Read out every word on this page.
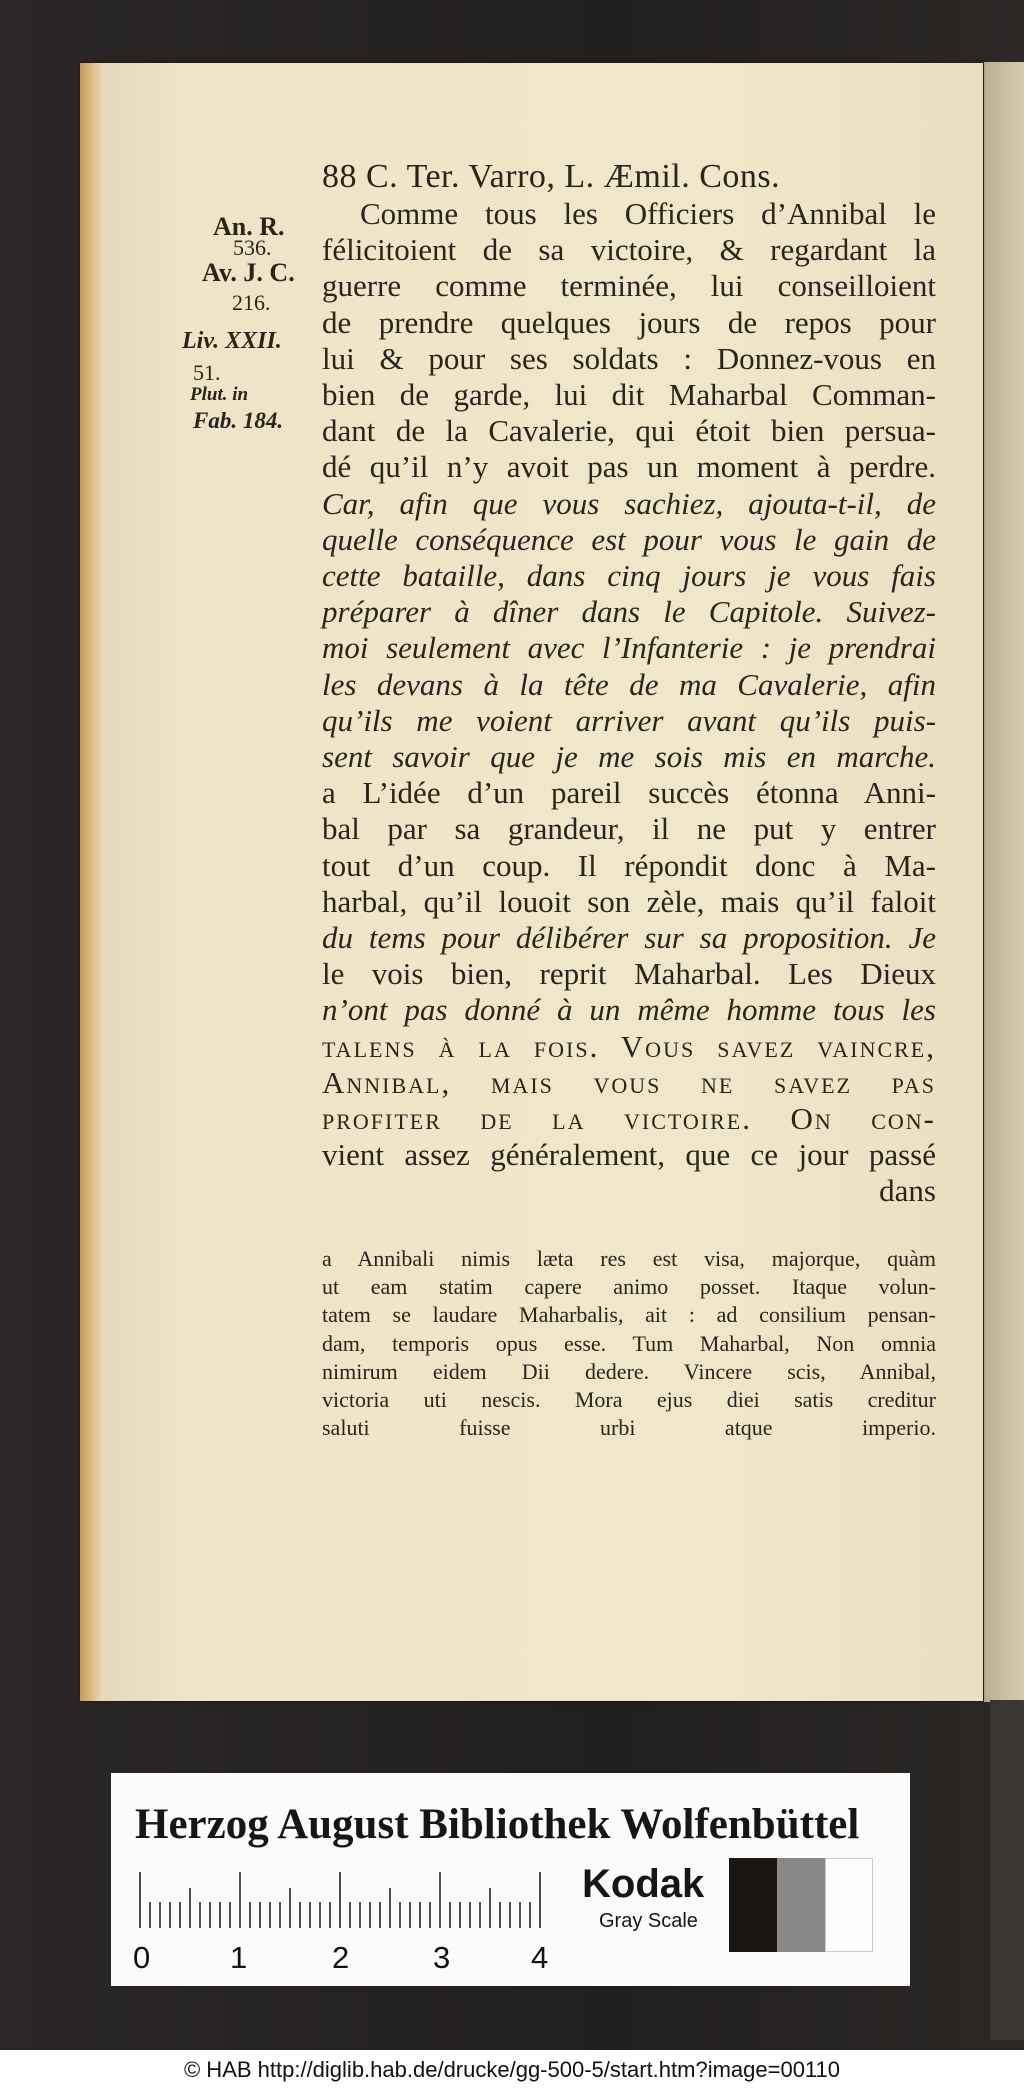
88 C. Ter. Varro, L. Æmil. Cons.
An. R.
536.
Av. J. C.
216.
Liv. XXII.
51.
Plut. in
Fab. 184.
Comme tous les Officiers d’Annibal le
félicitoient de sa victoire, & regardant la
guerre comme terminée, lui conseilloient
de prendre quelques jours de repos pour
lui & pour ses soldats : Donnez-vous en
bien de garde, lui dit Maharbal Comman-
dant de la Cavalerie, qui étoit bien persua-
dé qu’il n’y avoit pas un moment à perdre.
Car, afin que vous sachiez, ajouta-t-il, de
quelle conséquence est pour vous le gain de
cette bataille, dans cinq jours je vous fais
préparer à dîner dans le Capitole. Suivez-
moi seulement avec l’Infanterie : je prendrai
les devans à la tête de ma Cavalerie, afin
qu’ils me voient arriver avant qu’ils puis-
sent savoir que je me sois mis en marche.
a L’idée d’un pareil succès étonna Anni-
bal par sa grandeur, il ne put y entrer
tout d’un coup. Il répondit donc à Ma-
harbal, qu’il louoit son zèle, mais qu’il faloit
du tems pour délibérer sur sa proposition. Je
le vois bien, reprit Maharbal. Les Dieux
n’ont pas donné à un même homme tous les
talens à la fois. Vous savez vaincre,
Annibal, mais vous ne savez pas
profiter de la victoire. On con-
vient assez généralement, que ce jour passé
dans
a Annibali nimis læta res est visa, majorque, quàm
ut eam statim capere animo posset. Itaque volun-
tatem se laudare Maharbalis, ait : ad consilium pensan-
dam, temporis opus esse. Tum Maharbal, Non omnia
nimirum eidem Dii dedere. Vincere scis, Annibal,
victoria uti nescis. Mora ejus diei satis creditur
saluti fuisse urbi atque imperio.
Herzog August Bibliothek Wolfenbüttel
0	1	2	3	4
Kodak
Gray Scale
© HAB http://diglib.hab.de/drucke/gg-500-5/start.htm?image=00110
